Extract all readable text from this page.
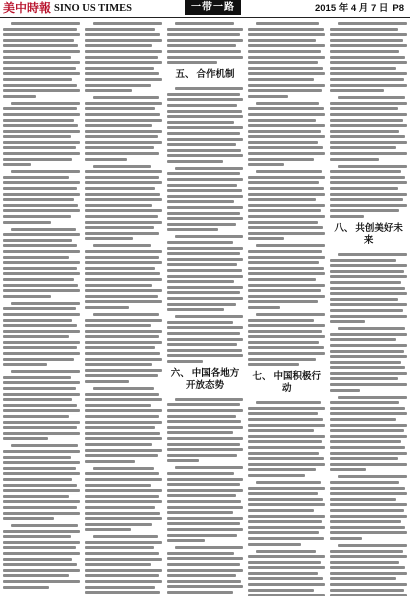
美中時報 SINO US TIMES	一带一路	2015 年 4 月 7 日 P8
五、 合作机制
六、 中国各地方开放态势
七、 中国积极行动
八、 共创美好未来
